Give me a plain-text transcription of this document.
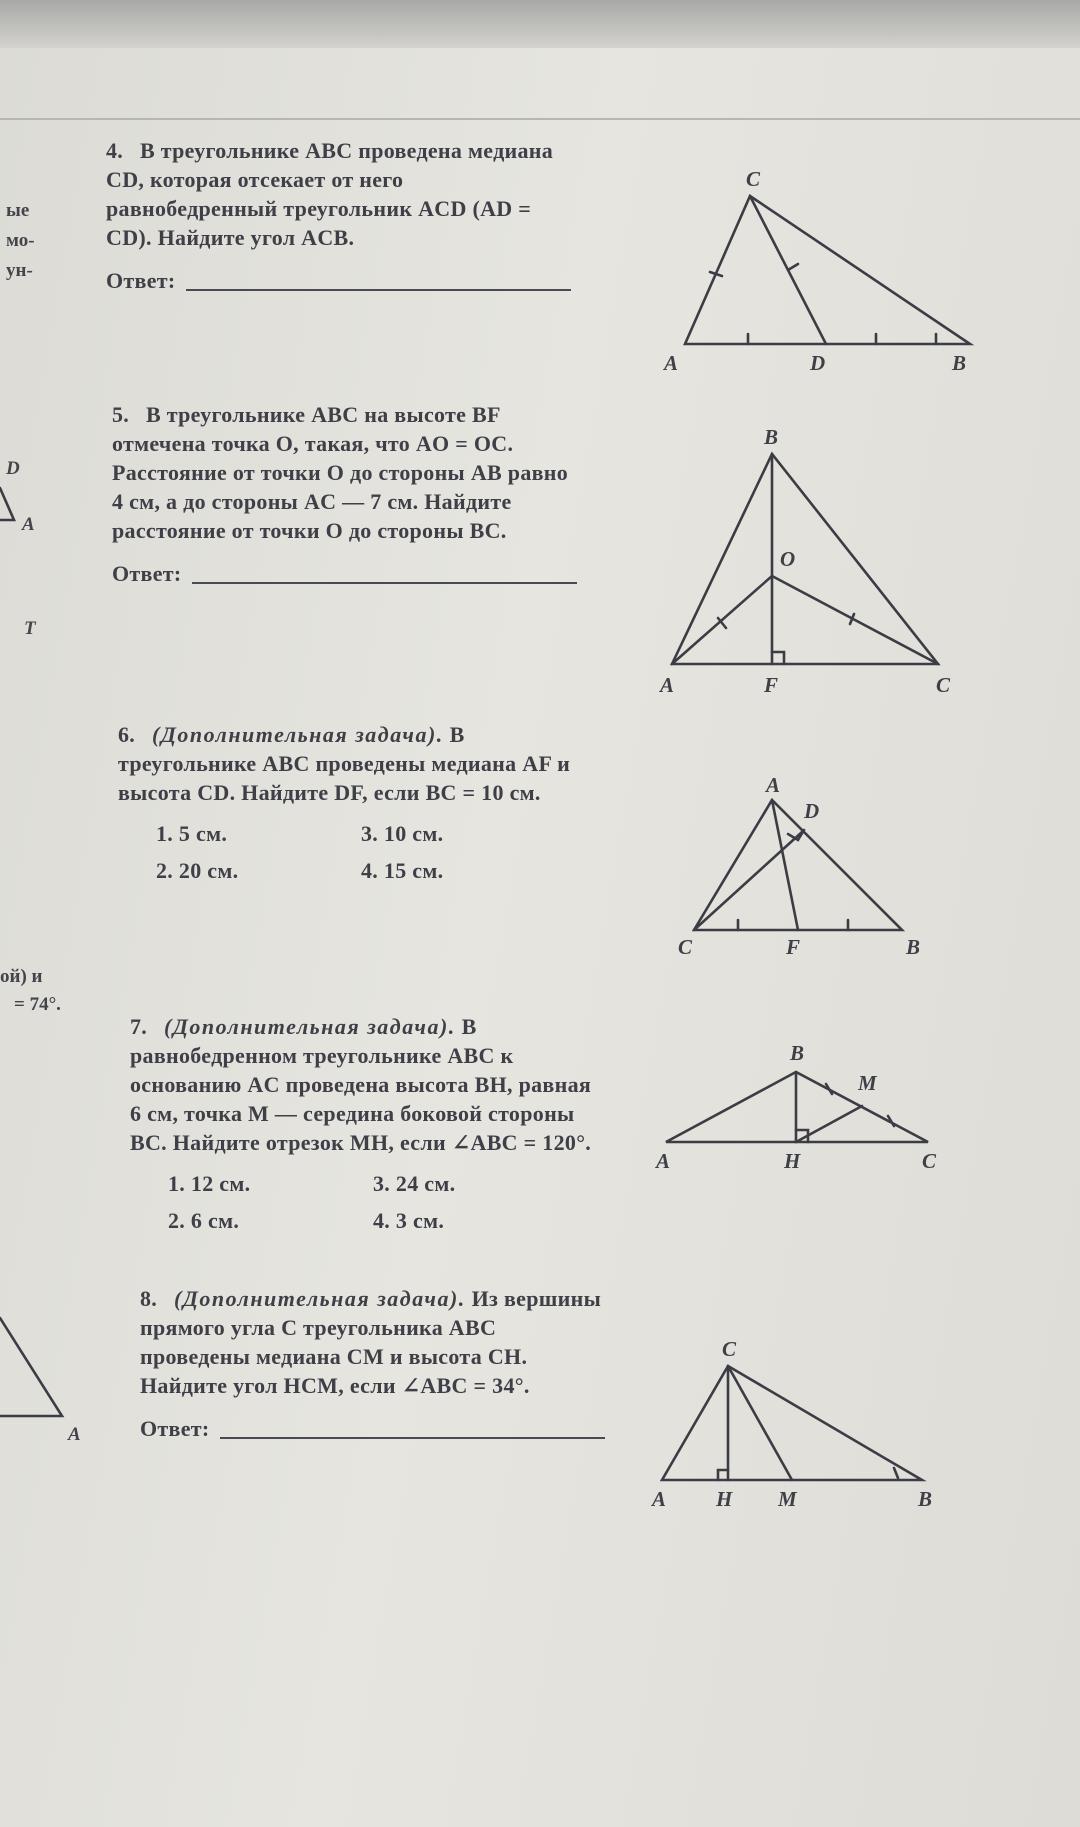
ые
мо-
ун-
D
A
T
ой) и
= 74°.
A
4. В треугольнике ABC проведена медиана CD, которая отсекает от него равнобедренный треугольник ACD (AD = CD). Найдите угол ACB.
Ответ:
C
A	D	B
5. В треугольнике ABC на высоте BF отмечена точка O, такая, что AO = OC. Расстояние от точки O до стороны AB равно 4 см, а до стороны AC — 7 см. Найдите расстояние от точки O до стороны BC.
Ответ:
B
O
A	F	C
6. (Дополнительная задача). В треугольнике ABC проведены медиана AF и высота CD. Найдите DF, если BC = 10 см.
1. 5 см.	3. 10 см.
2. 20 см.	4. 15 см.
A
D
C	F	B
7. (Дополнительная задача). В равнобедренном треугольнике ABC к основанию AC проведена высота BH, равная 6 см, точка M — середина боковой стороны BC. Найдите отрезок MH, если ∠ABC = 120°.
1. 12 см.	3. 24 см.
2. 6 см.	4. 3 см.
B
M
A	H	C
8. (Дополнительная задача). Из вершины прямого угла C треугольника ABC проведены медиана CM и высота CH. Найдите угол HCM, если ∠ABC = 34°.
Ответ:
C
A H M	B
